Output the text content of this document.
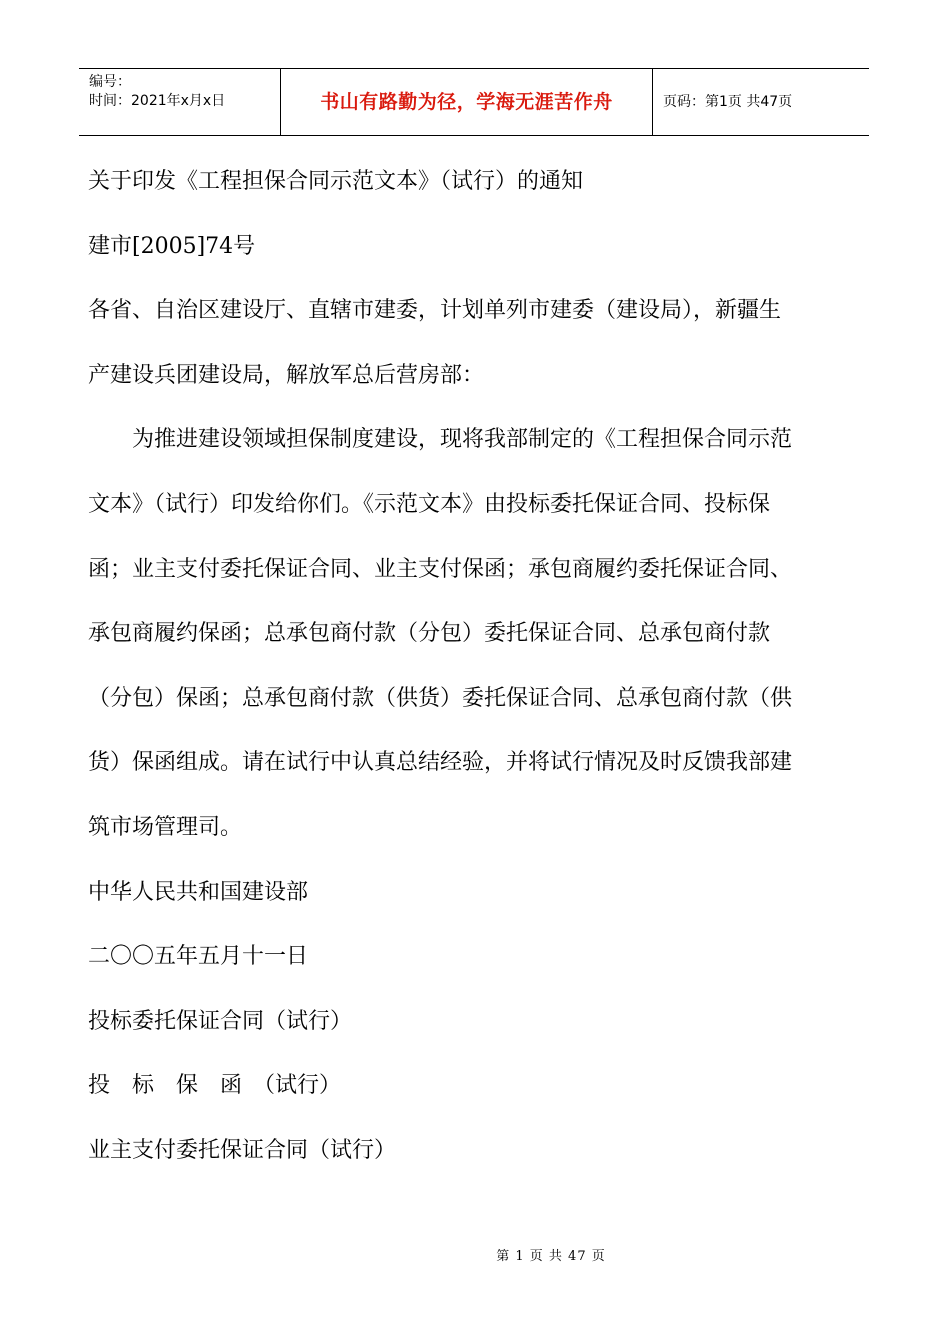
编号：
时间：2021年x月x日	书山有路勤为径，学海无涯苦作舟	页码：第1页 共47页
关于印发《工程担保合同示范文本》（试行）的通知
建市[2005]74号
各省、自治区建设厅、直辖市建委，计划单列市建委（建设局），新疆生
产建设兵团建设局，解放军总后营房部：
　　为推进建设领域担保制度建设，现将我部制定的《工程担保合同示范
文本》（试行）印发给你们。《示范文本》由投标委托保证合同、投标保
函；业主支付委托保证合同、业主支付保函；承包商履约委托保证合同、
承包商履约保函；总承包商付款（分包）委托保证合同、总承包商付款
（分包）保函；总承包商付款（供货）委托保证合同、总承包商付款（供
货）保函组成。请在试行中认真总结经验，并将试行情况及时反馈我部建
筑市场管理司。
中华人民共和国建设部
二〇〇五年五月十一日
投标委托保证合同（试行）
投　标　保　函　（试行）
业主支付委托保证合同（试行）
第 1 页 共 47 页
